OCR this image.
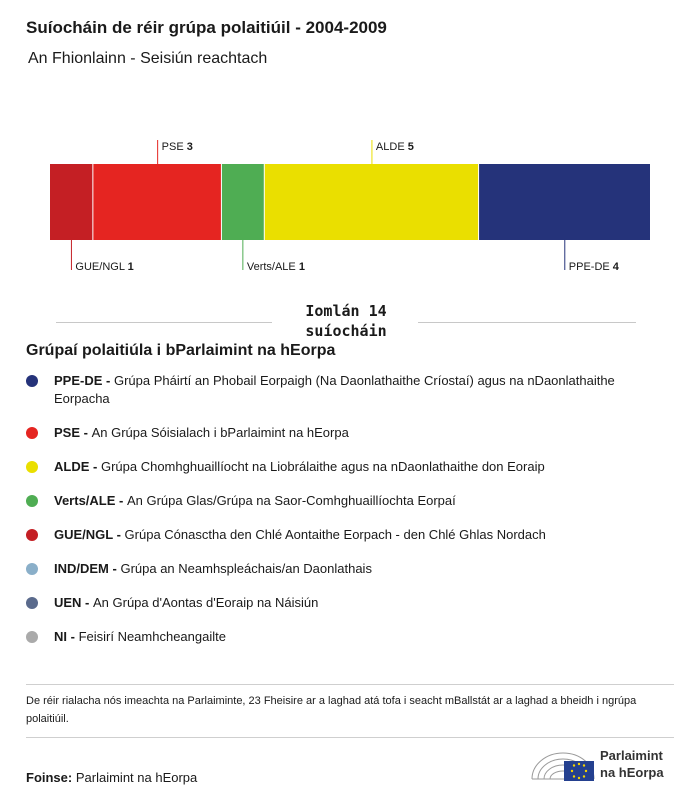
Suíocháin de réir grúpa polaitiúil - 2004-2009
An Fhionlainn - Seisiún reachtach
GUE/NGL 1
PSE 3
Verts/ALE 1
ALDE 5
PPE-DE 4
Iomlán 14 suíocháin
Grúpaí polaitiúla i bParlaimint na hEorpa
PPE-DE - Grúpa Pháirtí an Phobail Eorpaigh (Na Daonlathaithe Críostaí) agus na nDaonlathaithe Eorpacha
PSE - An Grúpa Sóisialach i bParlaimint na hEorpa
ALDE - Grúpa Chomhghuaillíocht na Liobrálaithe agus na nDaonlathaithe don Eoraip
Verts/ALE - An Grúpa Glas/Grúpa na Saor-Comhghuaillíochta Eorpaí
GUE/NGL - Grúpa Cónasctha den Chlé Aontaithe Eorpach - den Chlé Ghlas Nordach
IND/DEM - Grúpa an Neamhspleáchais/an Daonlathais
UEN - An Grúpa d'Aontas d'Eoraip na Náisiún
NI - Feisirí Neamhcheangailte
De réir rialacha nós imeachta na Parlaiminte, 23 Fheisire ar a laghad atá tofa i seacht mBallstát ar a laghad a bheidh i ngrúpa polaitiúil.
Foinse: Parlaimint na hEorpa
Parlaimint
na hEorpa
